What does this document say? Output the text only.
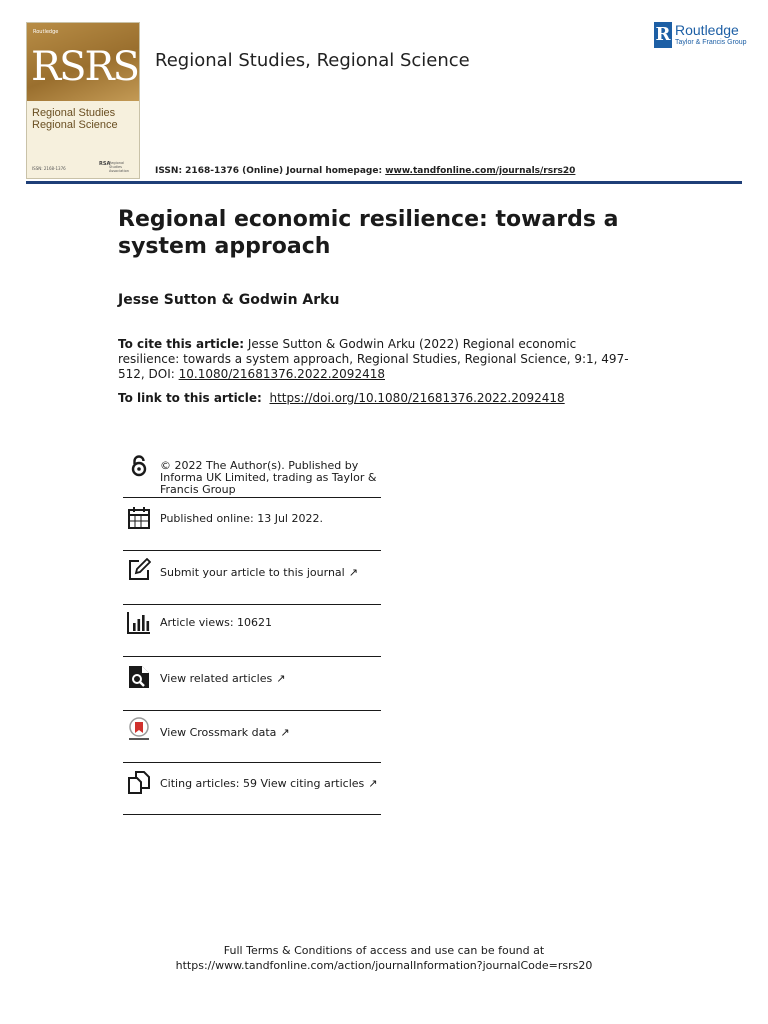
Routledge
RSRS
Regional Studies
Regional Science
ISSN: 2168-1376
RSA
Regional Studies Association
Regional Studies, Regional Science
R Routledge
Taylor & Francis Group
ISSN: 2168-1376 (Online) Journal homepage: www.tandfonline.com/journals/rsrs20
Regional economic resilience: towards a system approach
Jesse Sutton & Godwin Arku
To cite this article: Jesse Sutton & Godwin Arku (2022) Regional economic resilience: towards a system approach, Regional Studies, Regional Science, 9:1, 497-512, DOI: 10.1080/21681376.2022.2092418
To link to this article: https://doi.org/10.1080/21681376.2022.2092418
© 2022 The Author(s). Published by Informa UK Limited, trading as Taylor & Francis Group
Published online: 13 Jul 2022.
Submit your article to this journal ↗
Article views: 10621
View related articles ↗
View Crossmark data ↗
Citing articles: 59 View citing articles ↗
Full Terms & Conditions of access and use can be found at
https://www.tandfonline.com/action/journalInformation?journalCode=rsrs20
